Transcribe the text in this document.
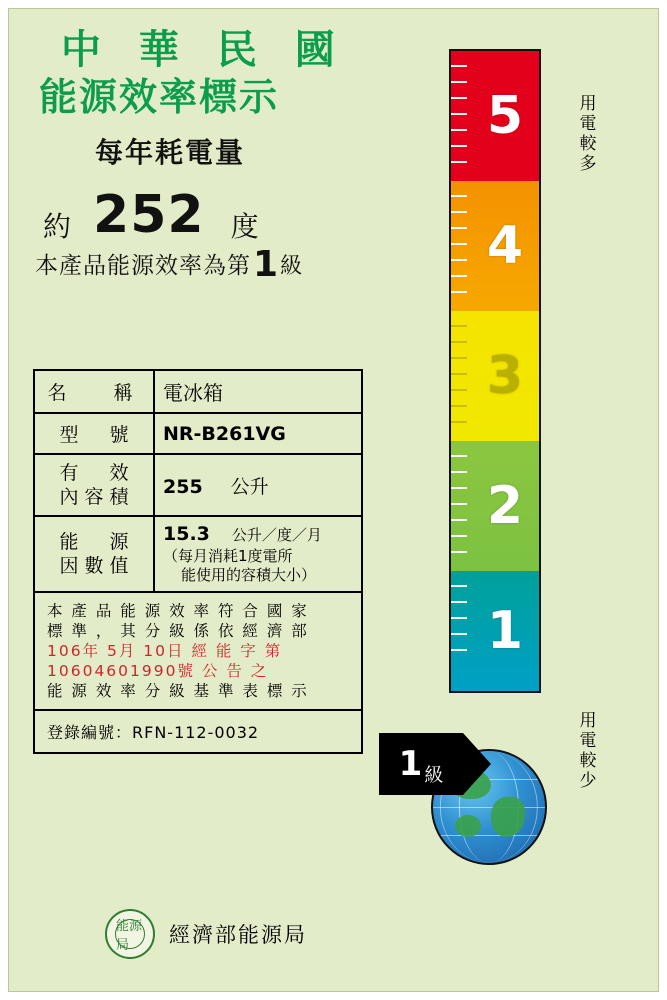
中 華 民 國
能源效率標示
每年耗電量
約 252 度
本產品能源效率為第 1 級
名　稱 電冰箱
型　號 NR-B261VG
有　效
內容積 255 公升
能　源
因數值
15.3 公升／度／月
（每月消耗1度電所
能使用的容積大小）
本 產 品 能 源 效 率 符 合 國 家
標 準 ， 其 分 級 係 依 經 濟 部
106年 5月 10日 經 能 字 第
10604601990號 公 告 之
能 源 效 率 分 級 基 準 表 標 示
登錄編號：RFN-112-0032
能源局	經濟部能源局
5
4
3
2
1
用電較多
用電較少
1 級
